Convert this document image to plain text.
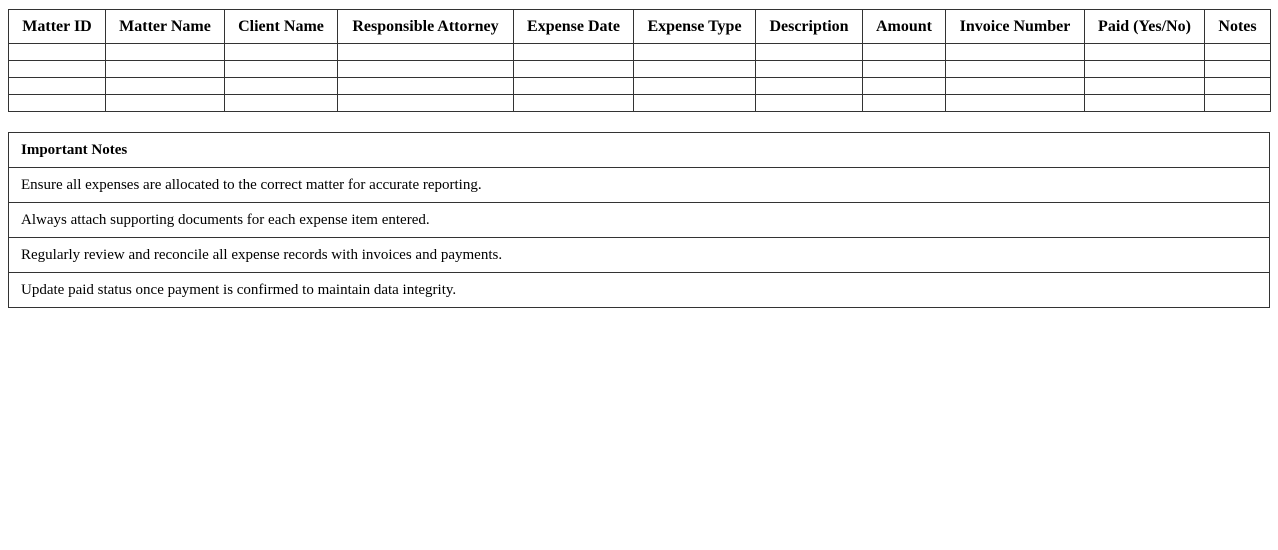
Matter ID	Matter Name	Client Name	Responsible Attorney	Expense Date	Expense Type	Description	Amount	Invoice Number	Paid (Yes/No)	Notes

Important Notes
Ensure all expenses are allocated to the correct matter for accurate reporting.
Always attach supporting documents for each expense item entered.
Regularly review and reconcile all expense records with invoices and payments.
Update paid status once payment is confirmed to maintain data integrity.
